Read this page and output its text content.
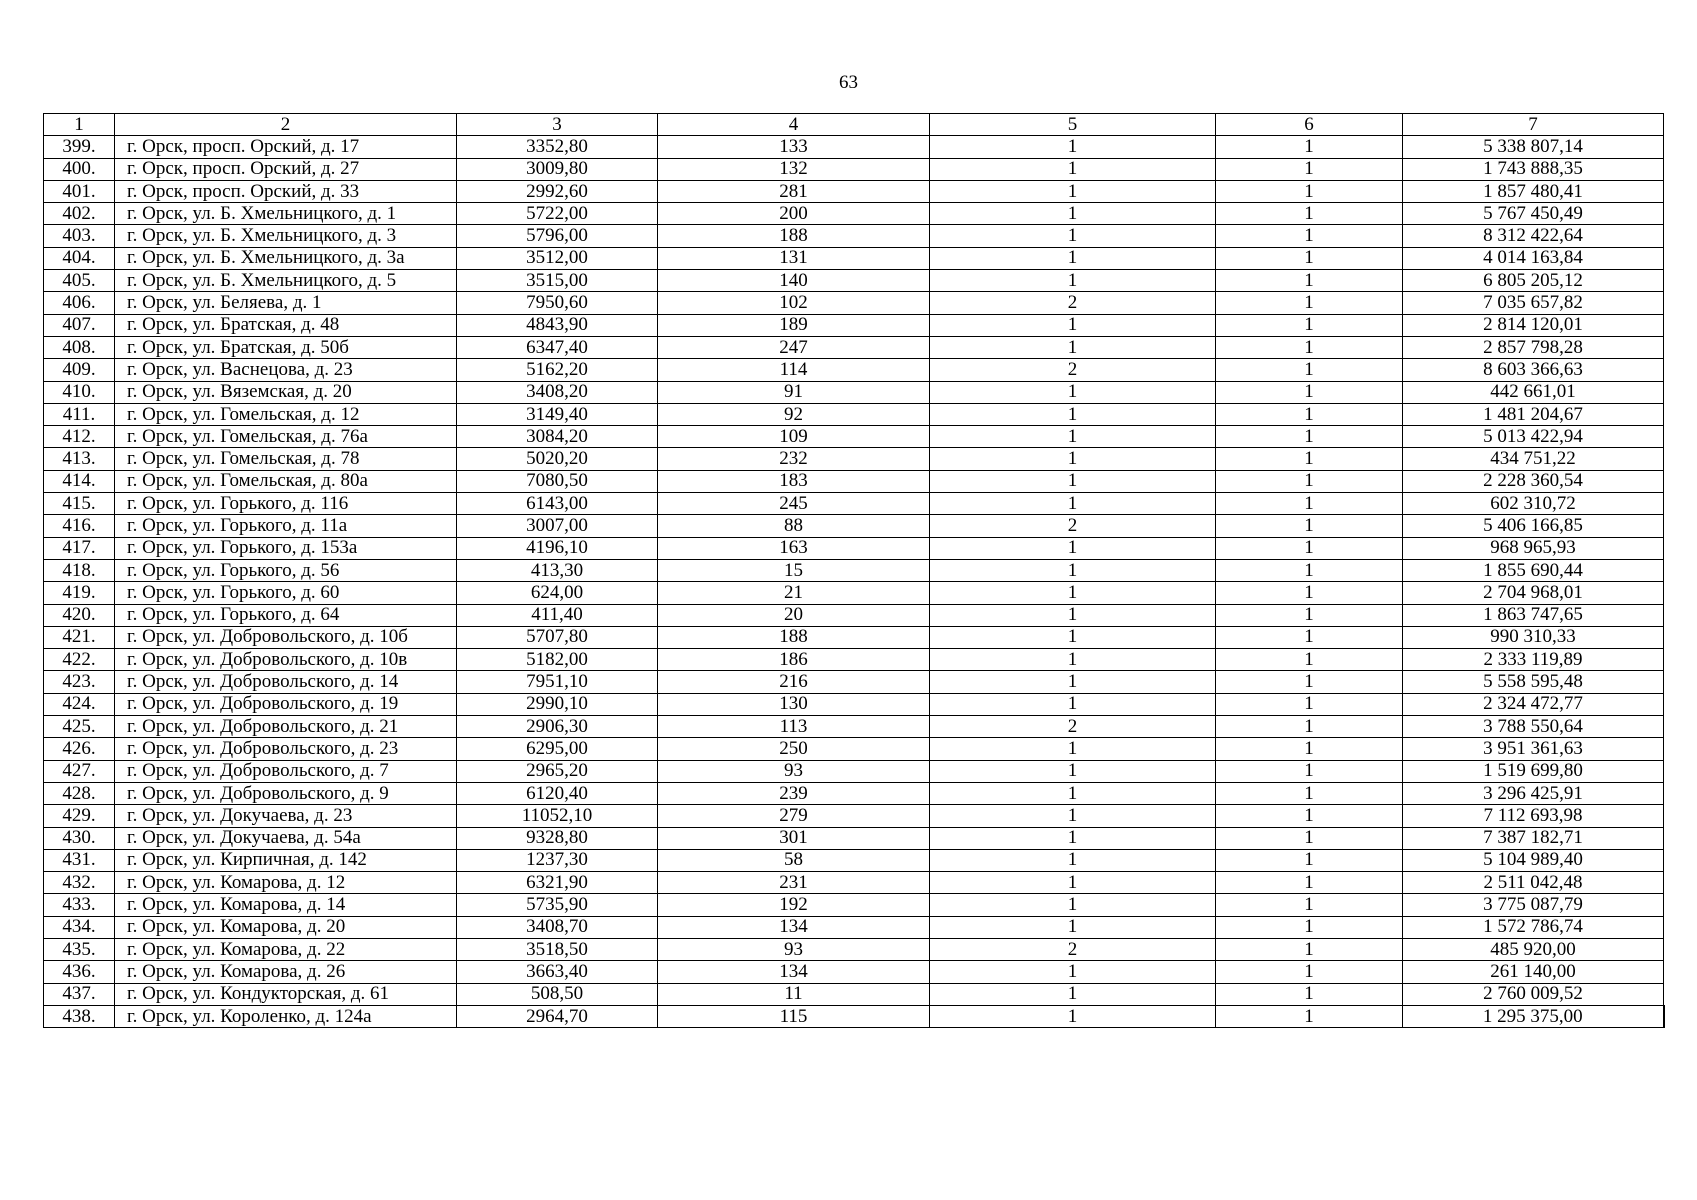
63
1	2	3	4	5	6	7
399.	г. Орск, просп. Орский, д. 17	3352,80	133	1	1	5 338 807,14
400.	г. Орск, просп. Орский, д. 27	3009,80	132	1	1	1 743 888,35
401.	г. Орск, просп. Орский, д. 33	2992,60	281	1	1	1 857 480,41
402.	г. Орск, ул. Б. Хмельницкого, д. 1	5722,00	200	1	1	5 767 450,49
403.	г. Орск, ул. Б. Хмельницкого, д. 3	5796,00	188	1	1	8 312 422,64
404.	г. Орск, ул. Б. Хмельницкого, д. 3а	3512,00	131	1	1	4 014 163,84
405.	г. Орск, ул. Б. Хмельницкого, д. 5	3515,00	140	1	1	6 805 205,12
406.	г. Орск, ул. Беляева, д. 1	7950,60	102	2	1	7 035 657,82
407.	г. Орск, ул. Братская, д. 48	4843,90	189	1	1	2 814 120,01
408.	г. Орск, ул. Братская, д. 50б	6347,40	247	1	1	2 857 798,28
409.	г. Орск, ул. Васнецова, д. 23	5162,20	114	2	1	8 603 366,63
410.	г. Орск, ул. Вяземская, д. 20	3408,20	91	1	1	442 661,01
411.	г. Орск, ул. Гомельская, д. 12	3149,40	92	1	1	1 481 204,67
412.	г. Орск, ул. Гомельская, д. 76а	3084,20	109	1	1	5 013 422,94
413.	г. Орск, ул. Гомельская, д. 78	5020,20	232	1	1	434 751,22
414.	г. Орск, ул. Гомельская, д. 80а	7080,50	183	1	1	2 228 360,54
415.	г. Орск, ул. Горького, д. 116	6143,00	245	1	1	602 310,72
416.	г. Орск, ул. Горького, д. 11а	3007,00	88	2	1	5 406 166,85
417.	г. Орск, ул. Горького, д. 153а	4196,10	163	1	1	968 965,93
418.	г. Орск, ул. Горького, д. 56	413,30	15	1	1	1 855 690,44
419.	г. Орск, ул. Горького, д. 60	624,00	21	1	1	2 704 968,01
420.	г. Орск, ул. Горького, д. 64	411,40	20	1	1	1 863 747,65
421.	г. Орск, ул. Добровольского, д. 10б	5707,80	188	1	1	990 310,33
422.	г. Орск, ул. Добровольского, д. 10в	5182,00	186	1	1	2 333 119,89
423.	г. Орск, ул. Добровольского, д. 14	7951,10	216	1	1	5 558 595,48
424.	г. Орск, ул. Добровольского, д. 19	2990,10	130	1	1	2 324 472,77
425.	г. Орск, ул. Добровольского, д. 21	2906,30	113	2	1	3 788 550,64
426.	г. Орск, ул. Добровольского, д. 23	6295,00	250	1	1	3 951 361,63
427.	г. Орск, ул. Добровольского, д. 7	2965,20	93	1	1	1 519 699,80
428.	г. Орск, ул. Добровольского, д. 9	6120,40	239	1	1	3 296 425,91
429.	г. Орск, ул. Докучаева, д. 23	11052,10	279	1	1	7 112 693,98
430.	г. Орск, ул. Докучаева, д. 54а	9328,80	301	1	1	7 387 182,71
431.	г. Орск, ул. Кирпичная, д. 142	1237,30	58	1	1	5 104 989,40
432.	г. Орск, ул. Комарова, д. 12	6321,90	231	1	1	2 511 042,48
433.	г. Орск, ул. Комарова, д. 14	5735,90	192	1	1	3 775 087,79
434.	г. Орск, ул. Комарова, д. 20	3408,70	134	1	1	1 572 786,74
435.	г. Орск, ул. Комарова, д. 22	3518,50	93	2	1	485 920,00
436.	г. Орск, ул. Комарова, д. 26	3663,40	134	1	1	261 140,00
437.	г. Орск, ул. Кондукторская, д. 61	508,50	11	1	1	2 760 009,52
438.	г. Орск, ул. Короленко, д. 124а	2964,70	115	1	1	1 295 375,00
